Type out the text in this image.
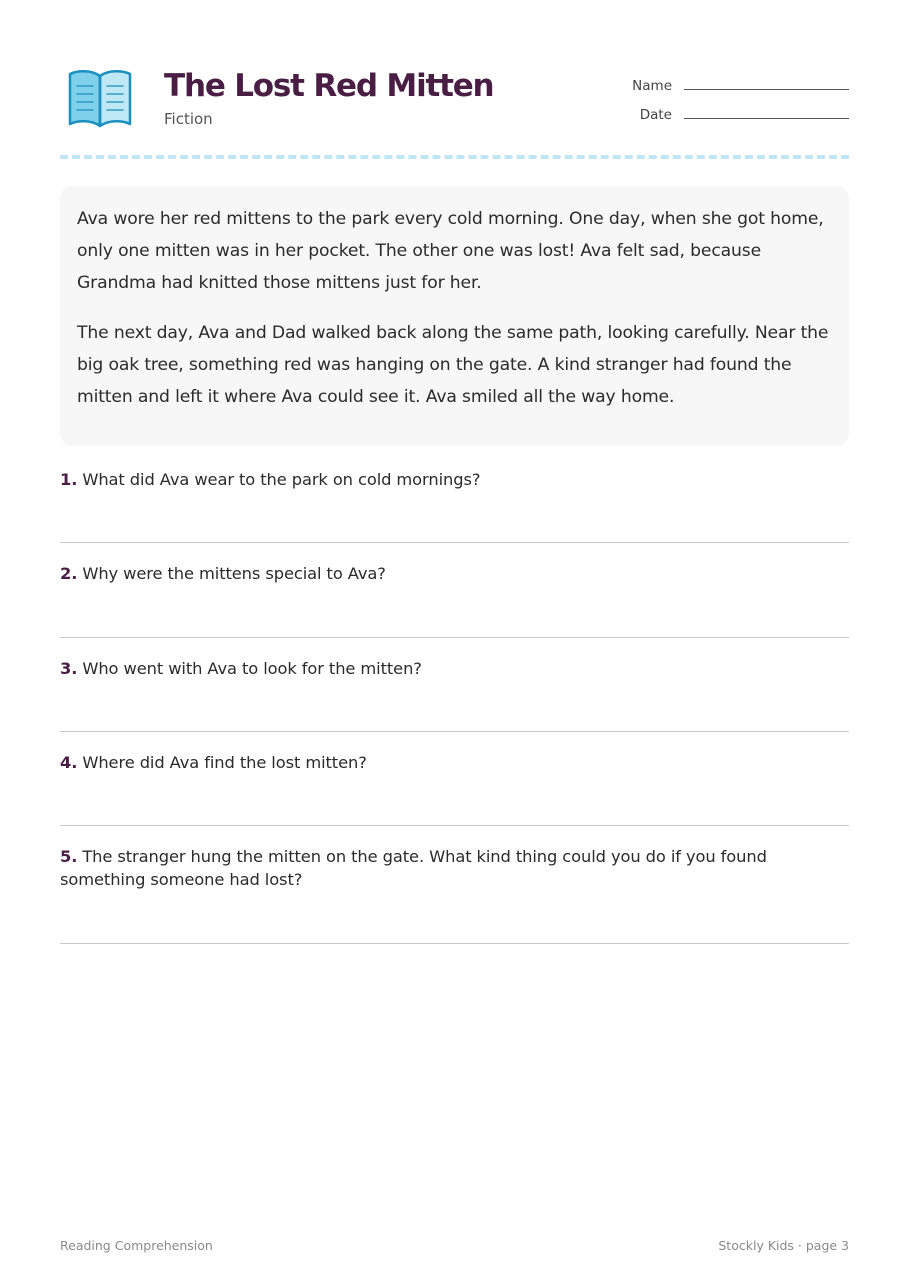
The Lost Red Mitten
Fiction
Name
Date

Ava wore her red mittens to the park every cold morning. One day, when she got home, only one mitten was in her pocket. The other one was lost! Ava felt sad, because Grandma had knitted those mittens just for her.

The next day, Ava and Dad walked back along the same path, looking carefully. Near the big oak tree, something red was hanging on the gate. A kind stranger had found the mitten and left it where Ava could see it. Ava smiled all the way home.

1. What did Ava wear to the park on cold mornings?
2. Why were the mittens special to Ava?
3. Who went with Ava to look for the mitten?
4. Where did Ava find the lost mitten?
5. The stranger hung the mitten on the gate. What kind thing could you do if you found something someone had lost?
Reading Comprehension	Stockly Kids · page 3
